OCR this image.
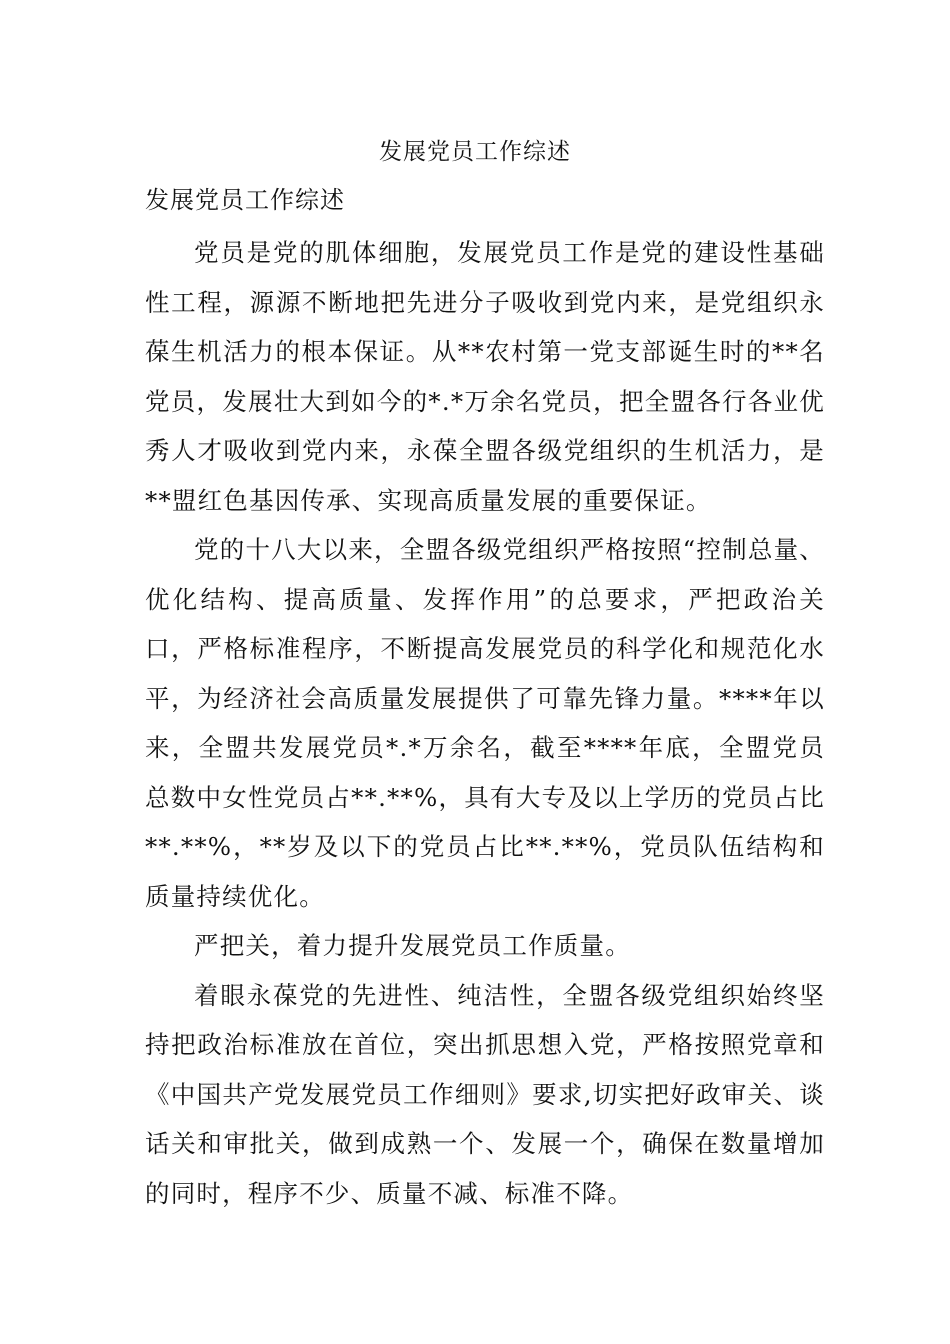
发展党员工作综述
发展党员工作综述

党员是党的肌体细胞，发展党员工作是党的建设性基础性工程，源源不断地把先进分子吸收到党内来，是党组织永葆生机活力的根本保证。从**农村第一党支部诞生时的**名党员，发展壮大到如今的*.*万余名党员，把全盟各行各业优秀人才吸收到党内来，永葆全盟各级党组织的生机活力，是**盟红色基因传承、实现高质量发展的重要保证。

党的十八大以来，全盟各级党组织严格按照“控制总量、优化结构、提高质量、发挥作用”的总要求，严把政治关口，严格标准程序，不断提高发展党员的科学化和规范化水平，为经济社会高质量发展提供了可靠先锋力量。****年以来，全盟共发展党员*.*万余名，截至****年底，全盟党员总数中女性党员占**.**%，具有大专及以上学历的党员占比**.**%，**岁及以下的党员占比**.**%，党员队伍结构和质量持续优化。

严把关，着力提升发展党员工作质量。

着眼永葆党的先进性、纯洁性，全盟各级党组织始终坚持把政治标准放在首位，突出抓思想入党，严格按照党章和《中国共产党发展党员工作细则》要求,切实把好政审关、谈话关和审批关，做到成熟一个、发展一个，确保在数量增加的同时，程序不少、质量不减、标准不降。
